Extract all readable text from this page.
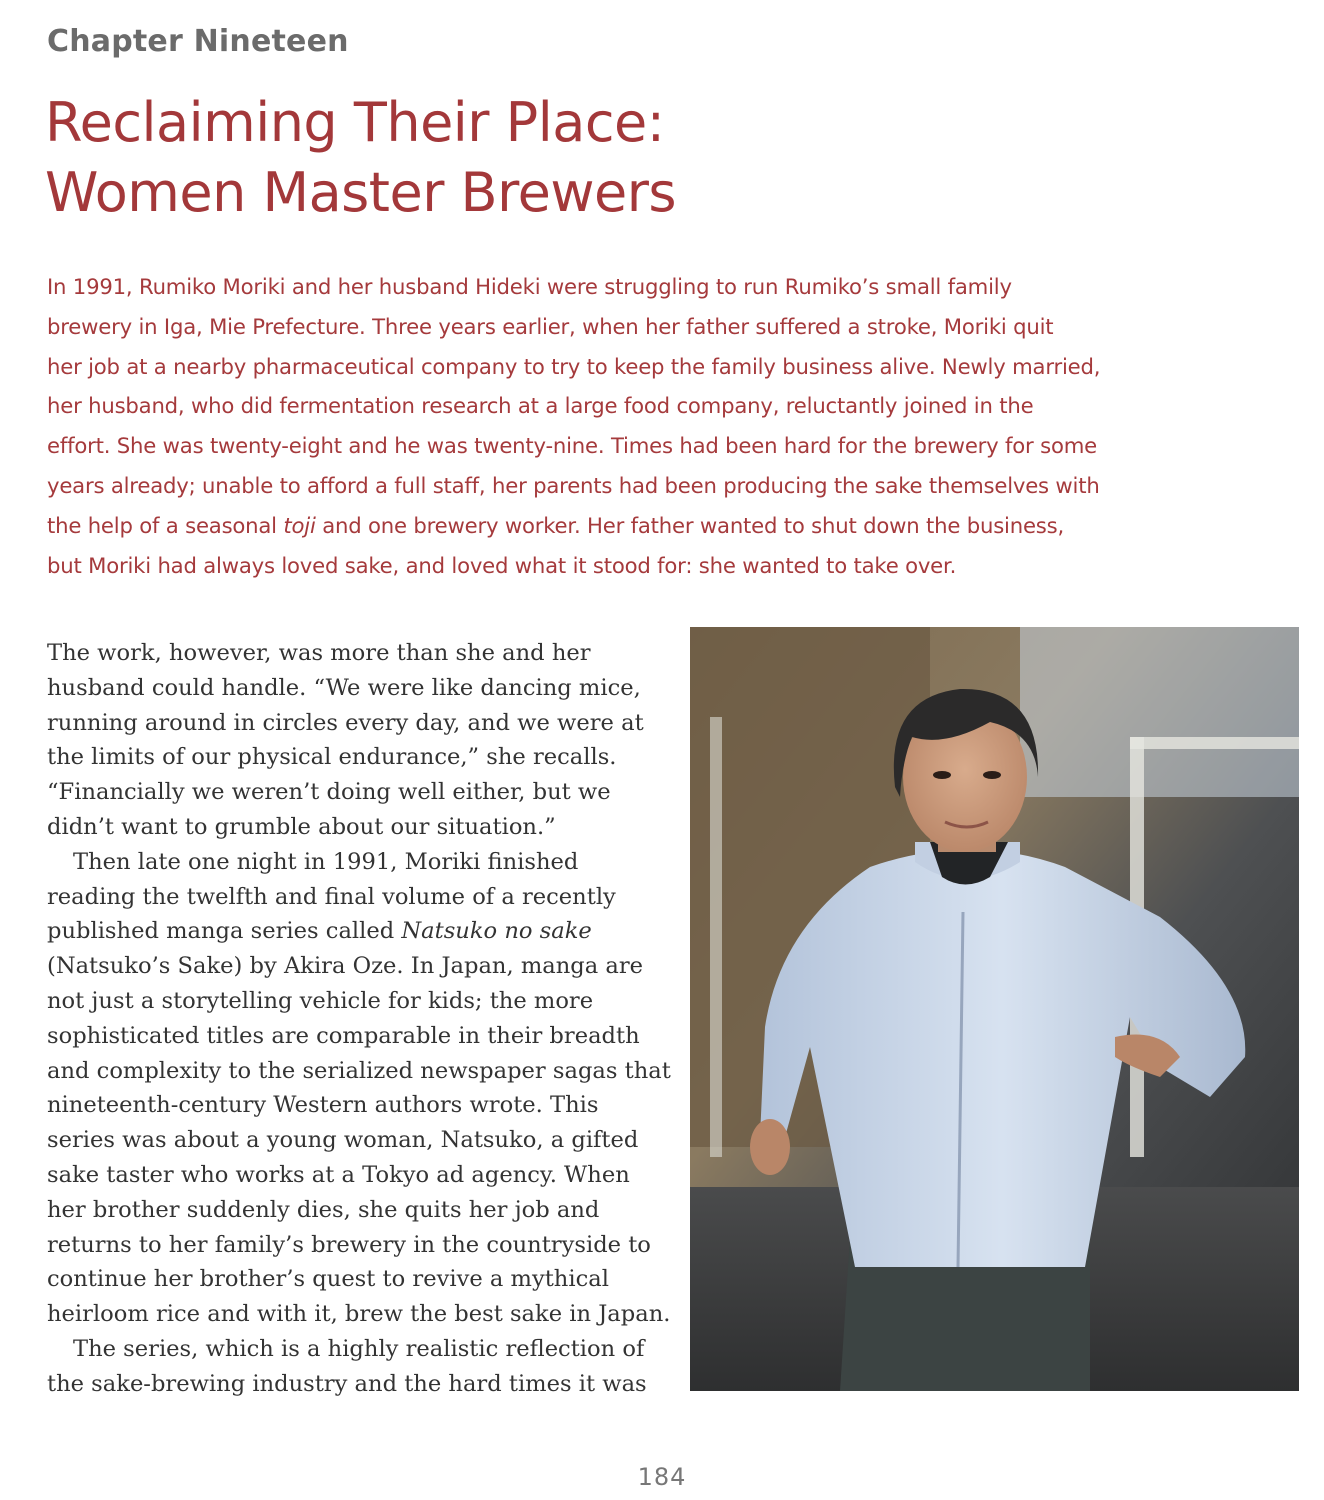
Chapter Nineteen
Reclaiming Their Place:
Women Master Brewers

In 1991, Rumiko Moriki and her husband Hideki were struggling to run Rumiko’s small family
brewery in Iga, Mie Prefecture. Three years earlier, when her father suffered a stroke, Moriki quit
her job at a nearby pharmaceutical company to try to keep the family business alive. Newly married,
her husband, who did fermentation research at a large food company, reluctantly joined in the
effort. She was twenty-eight and he was twenty-nine. Times had been hard for the brewery for some
years already; unable to afford a full staff, her parents had been producing the sake themselves with
the help of a seasonal toji and one brewery worker. Her father wanted to shut down the business,
but Moriki had always loved sake, and loved what it stood for: she wanted to take over.

The work, however, was more than she and her
husband could handle. “We were like dancing mice,
running around in circles every day, and we were at
the limits of our physical endurance,” she recalls.
“Financially we weren’t doing well either, but we
didn’t want to grumble about our situation.”
Then late one night in 1991, Moriki finished
reading the twelfth and final volume of a recently
published manga series called Natsuko no sake
(Natsuko’s Sake) by Akira Oze. In Japan, manga are
not just a storytelling vehicle for kids; the more
sophisticated titles are comparable in their breadth
and complexity to the serialized newspaper sagas that
nineteenth-century Western authors wrote. This
series was about a young woman, Natsuko, a gifted
sake taster who works at a Tokyo ad agency. When
her brother suddenly dies, she quits her job and
returns to her family’s brewery in the countryside to
continue her brother’s quest to revive a mythical
heirloom rice and with it, brew the best sake in Japan.
The series, which is a highly realistic reflection of
the sake-brewing industry and the hard times it was
184
